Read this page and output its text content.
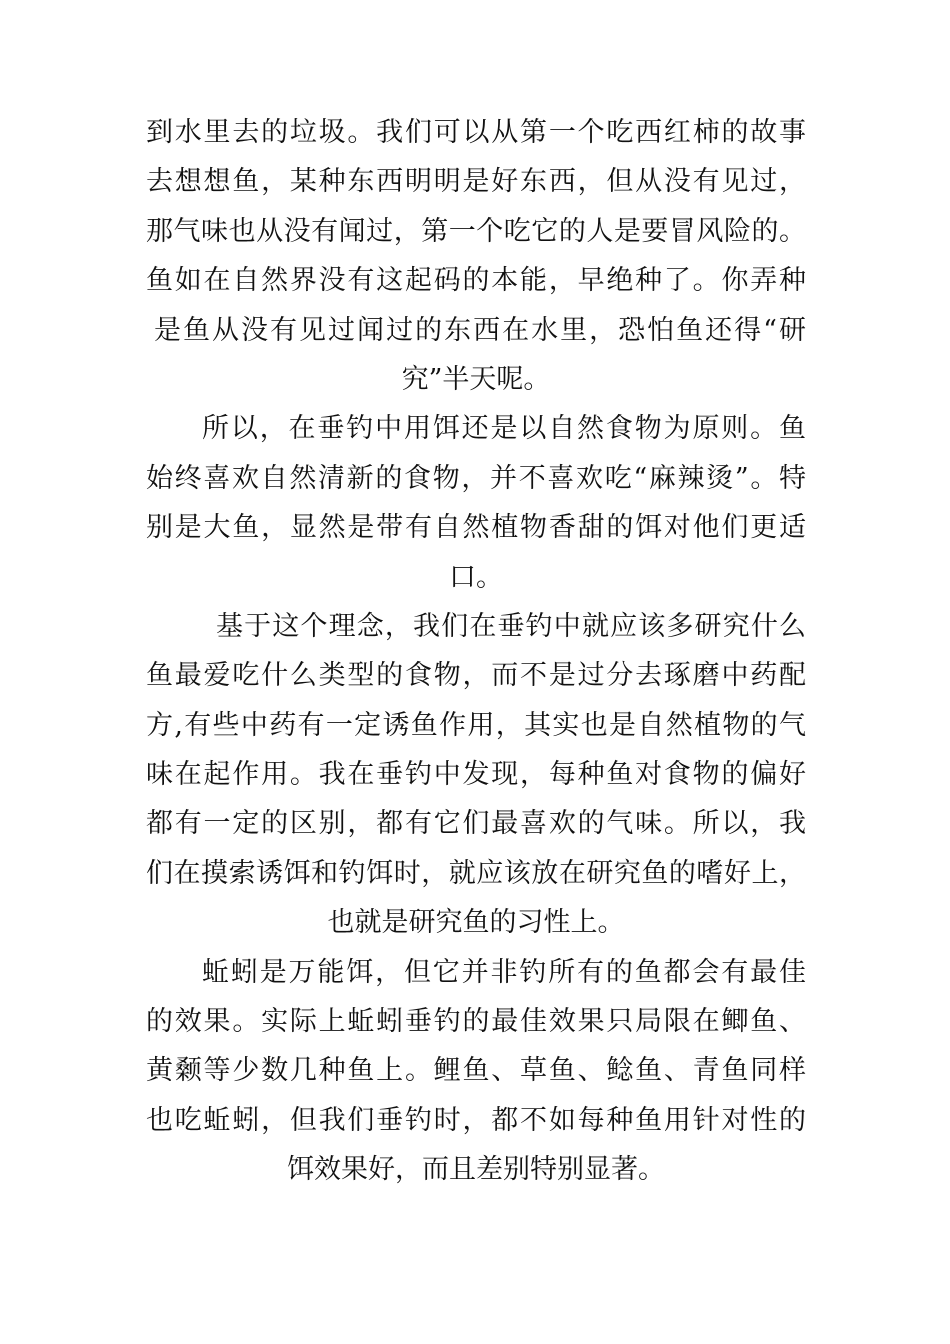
到水里去的垃圾。我们可以从第一个吃西红柿的故事
去想想鱼，某种东西明明是好东西，但从没有见过，
那气味也从没有闻过，第一个吃它的人是要冒风险的。
鱼如在自然界没有这起码的本能，早绝种了。你弄种
是鱼从没有见过闻过的东西在水里，恐怕鱼还得“研
究”半天呢。
所以，在垂钓中用饵还是以自然食物为原则。鱼
始终喜欢自然清新的食物，并不喜欢吃“麻辣烫”。特
别是大鱼，显然是带有自然植物香甜的饵对他们更适
口。
基于这个理念，我们在垂钓中就应该多研究什么
鱼最爱吃什么类型的食物，而不是过分去琢磨中药配
方,有些中药有一定诱鱼作用，其实也是自然植物的气
味在起作用。我在垂钓中发现，每种鱼对食物的偏好
都有一定的区别，都有它们最喜欢的气味。所以，我
们在摸索诱饵和钓饵时，就应该放在研究鱼的嗜好上，
也就是研究鱼的习性上。
蚯蚓是万能饵，但它并非钓所有的鱼都会有最佳
的效果。实际上蚯蚓垂钓的最佳效果只局限在鲫鱼、
黄颡等少数几种鱼上。鲤鱼、草鱼、鲶鱼、青鱼同样
也吃蚯蚓，但我们垂钓时，都不如每种鱼用针对性的
饵效果好，而且差别特别显著。
